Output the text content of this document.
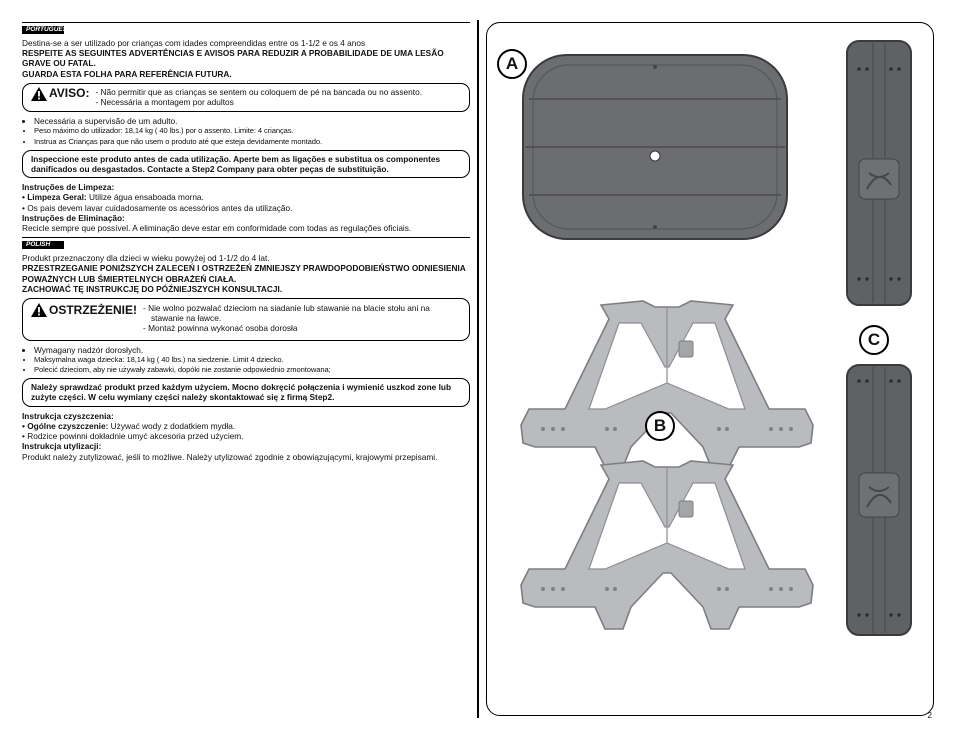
PORTUGUESE
Destina-se a ser utilizado por crianças com idades compreendidas entre os 1-1/2 e os 4 anos
RESPEITE AS SEGUINTES ADVERTÊNCIAS E AVISOS PARA REDUZIR A PROBABILIDADE DE UMA LESÃO GRAVE OU FATAL.
GUARDA ESTA FOLHA PARA REFERÊNCIA FUTURA.
AVISO: - Não permitir que as crianças se sentem ou coloquem de pé na bancada ou no assento.
- Necessária a montagem por adultos
• Necessária a supervisão de um adulto.
• Peso máximo do utilizador: 18,14 kg ( 40 lbs.) por o assento. Limite: 4 crianças.
• Instrua as Crianças para que não usem o produto até que esteja devidamente montado.
Inspeccione este produto antes de cada utilização. Aperte bem as ligações e substitua os componentes danificados ou desgastados. Contacte a Step2 Company para obter peças de substituição.
Instruções de Limpeza:
• Limpeza Geral: Utilize água ensaboada morna.
• Os pais devem lavar cuidadosamente os acessórios antes da utilização.
Instruções de Eliminação:
Recicle sempre que possível. A eliminação deve estar em conformidade com todas as regulações oficiais.
POLISH
Produkt przeznaczony dla dzieci w wieku powyżej od 1-1/2 do 4 lat.
PRZESTRZEGANIE PONIŻSZYCH ZALECEŃ I OSTRZEŻEŃ ZMNIEJSZY PRAWDOPODOBIEŃSTWO ODNIESIENIA POWAŻNYCH LUB ŚMIERTELNYCH OBRAŻEŃ CIAŁA.
ZACHOWAĆ TĘ INSTRUKCJĘ DO PÓŹNIEJSZYCH KONSULTACJI.
OSTRZEŻENIE! - Nie wolno pozwalać dzieciom na siadanie lub stawanie na blacie stołu ani na stawanie na ławce.
- Montaż powinna wykonać osoba dorosła
• Wymagany nadzór dorosłych.
• Maksymalna waga dziecka: 18,14 kg ( 40 lbs.) na siedzenie. Limit 4 dziecko.
• Polecić dzieciom, aby nie używały zabawki, dopóki nie zostanie odpowiednio zmontowana;
Należy sprawdzać produkt przed każdym użyciem. Mocno dokręcić połączenia i wymienić uszkod zone lub zużyte części. W celu wymiany części należy skontaktować się z firmą Step2.
Instrukcja czyszczenia:
• Ogólne czyszczenie: Używać wody z dodatkiem mydła.
• Rodzice powinni dokładnie umyć akcesoria przed użyciem.
Instrukcja utylizacji:
Produkt należy zutylizować, jeśli to możliwe. Należy utylizować zgodnie z obowiązującymi, krajowymi przepisami.
A
C
B
2
